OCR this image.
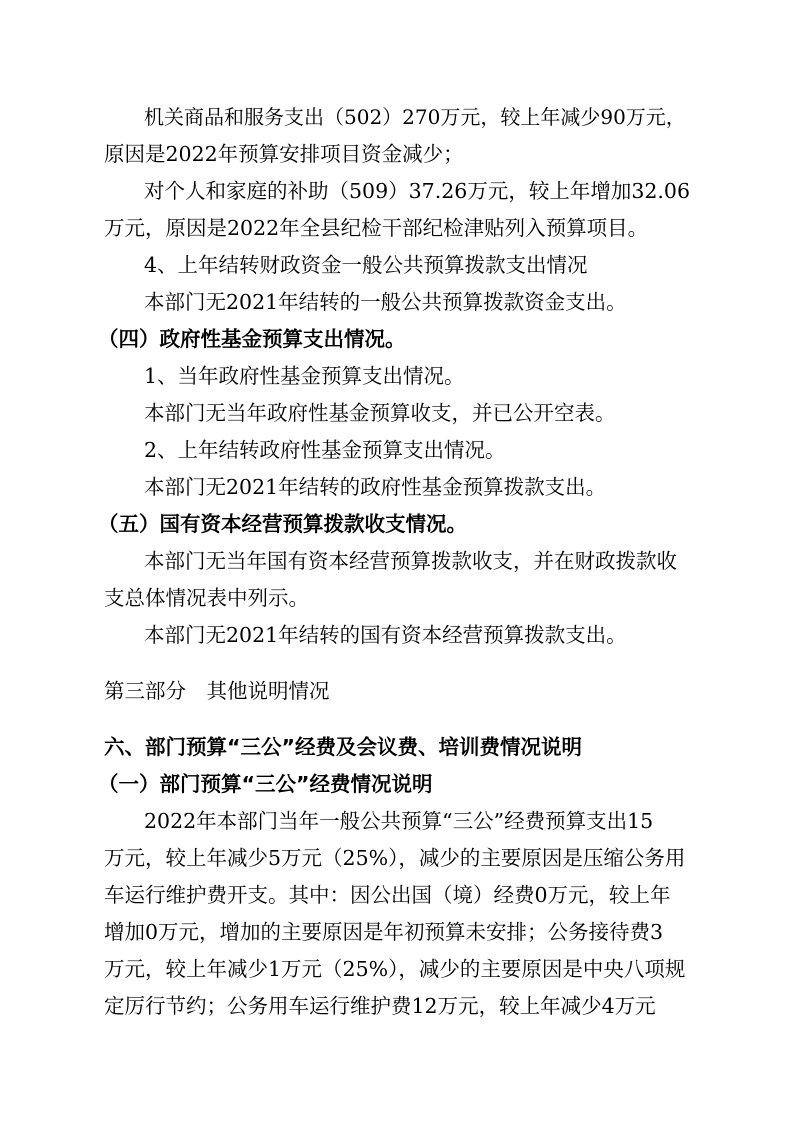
机关商品和服务支出（502）270万元，较上年减少90万元，
原因是2022年预算安排项目资金减少；
对个人和家庭的补助（509）37.26万元，较上年增加32.06
万元，原因是2022年全县纪检干部纪检津贴列入预算项目。
4、上年结转财政资金一般公共预算拨款支出情况
本部门无2021年结转的一般公共预算拨款资金支出。
（四）政府性基金预算支出情况。
1、当年政府性基金预算支出情况。
本部门无当年政府性基金预算收支，并已公开空表。
2、上年结转政府性基金预算支出情况。
本部门无2021年结转的政府性基金预算拨款支出。
（五）国有资本经营预算拨款收支情况。
本部门无当年国有资本经营预算拨款收支，并在财政拨款收
支总体情况表中列示。
本部门无2021年结转的国有资本经营预算拨款支出。
第三部分　其他说明情况
六、部门预算“三公”经费及会议费、培训费情况说明
（一）部门预算“三公”经费情况说明
2022年本部门当年一般公共预算“三公”经费预算支出15
万元，较上年减少5万元（25%），减少的主要原因是压缩公务用
车运行维护费开支。其中：因公出国（境）经费0万元，较上年
增加0万元，增加的主要原因是年初预算未安排；公务接待费3
万元，较上年减少1万元（25%），减少的主要原因是中央八项规
定厉行节约；公务用车运行维护费12万元，较上年减少4万元
